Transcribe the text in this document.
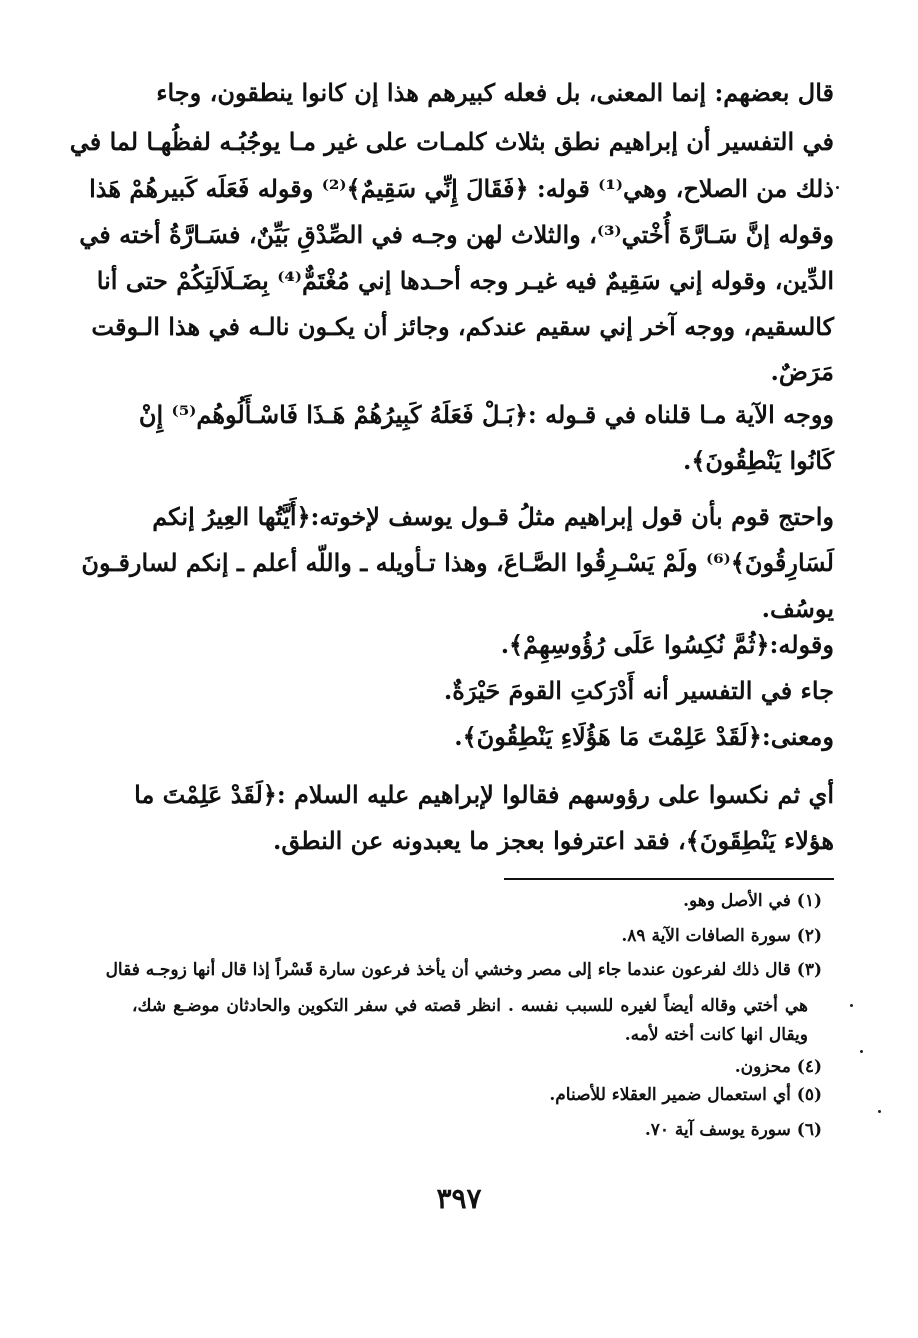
قال بعضهم: إنما المعنى، بل فعله كبيرهم هذا إن كانوا ينطقون، وجاء
في التفسير أن إبراهيم نطق بثلاث كلمـات على غير مـا يوجُبُـه لفظُهـا لما في
ذلك من الصلاح، وهي⁽¹⁾ قوله: ﴿فَقَالَ إِنِّي سَقِيمٌ﴾⁽²⁾ وقوله فَعَلَه كَبيرهُمْ هَذا
وقوله إنَّ سَـارَّةَ أُخْتي⁽³⁾، والثلاث لهن وجـه في الصِّدْقِ بَيِّنٌ، فسَـارَّةُ أخته في
الدِّين، وقوله إني سَقِيمٌ فيه غيـر وجه أحـدها إني مُغْتَمٌّ⁽⁴⁾ بِضَـلَالَتِكُمْ حتى أنا
كالسقيم، ووجه آخر إني سقيم عندكم، وجائز أن يكـون نالـه في هذا الـوقت
مَرَضٌ.
ووجه الآية مـا قلناه في قـوله :﴿بَـلْ فَعَلَهُ كَبِيرُهُمْ هَـذَا فَاسْـأَلُوهُم⁽⁵⁾ إِنْ
كَانُوا يَنْطِقُونَ﴾.
واحتج قوم بأن قول إبراهيم مثلُ قـول يوسف لإخوته:﴿أَيَّتُها العِيرُ إنكم
لَسَارِقُونَ﴾⁽⁶⁾ ولَمْ يَسْـرِقُوا الصَّـاعَ، وهذا تـأويله ـ واللّه أعلم ـ إنكم لسارقـونَ
يوسُف.
وقوله:﴿ثُمَّ نُكِسُوا عَلَى رُؤُوسِهِمْ﴾.
جاء في التفسير أنه أَدْرَكتِ القومَ حَيْرَةٌ.
ومعنى:﴿لَقَدْ عَلِمْتَ مَا هَؤُلَاءِ يَنْطِقُونَ﴾.
أي ثم نكسوا على رؤوسهم فقالوا لإبراهيم عليه السلام :﴿لَقَدْ عَلِمْتَ ما
هؤلاء يَنْطِقَونَ﴾، فقد اعترفوا بعجز ما يعبدونه عن النطق.
(١) في الأصل وهو.
(٢) سورة الصافات الآية ٨٩.
(٣) قال ذلك لفرعون عندما جاء إلى مصر وخشي أن يأخذ فرعون سارة قَسْراً إذا قال أنها زوجـه فقال
هي أختي وقاله أيضاً لغيره للسبب نفسه . انظر قصته في سفر التكوين والحادثان موضـع شك،
ويقال انها كانت أخته لأمه.
(٤) محزون.
(٥) أي استعمال ضمير العقلاء للأصنام.
(٦) سورة يوسف آية ٧٠.
٣٩٧
